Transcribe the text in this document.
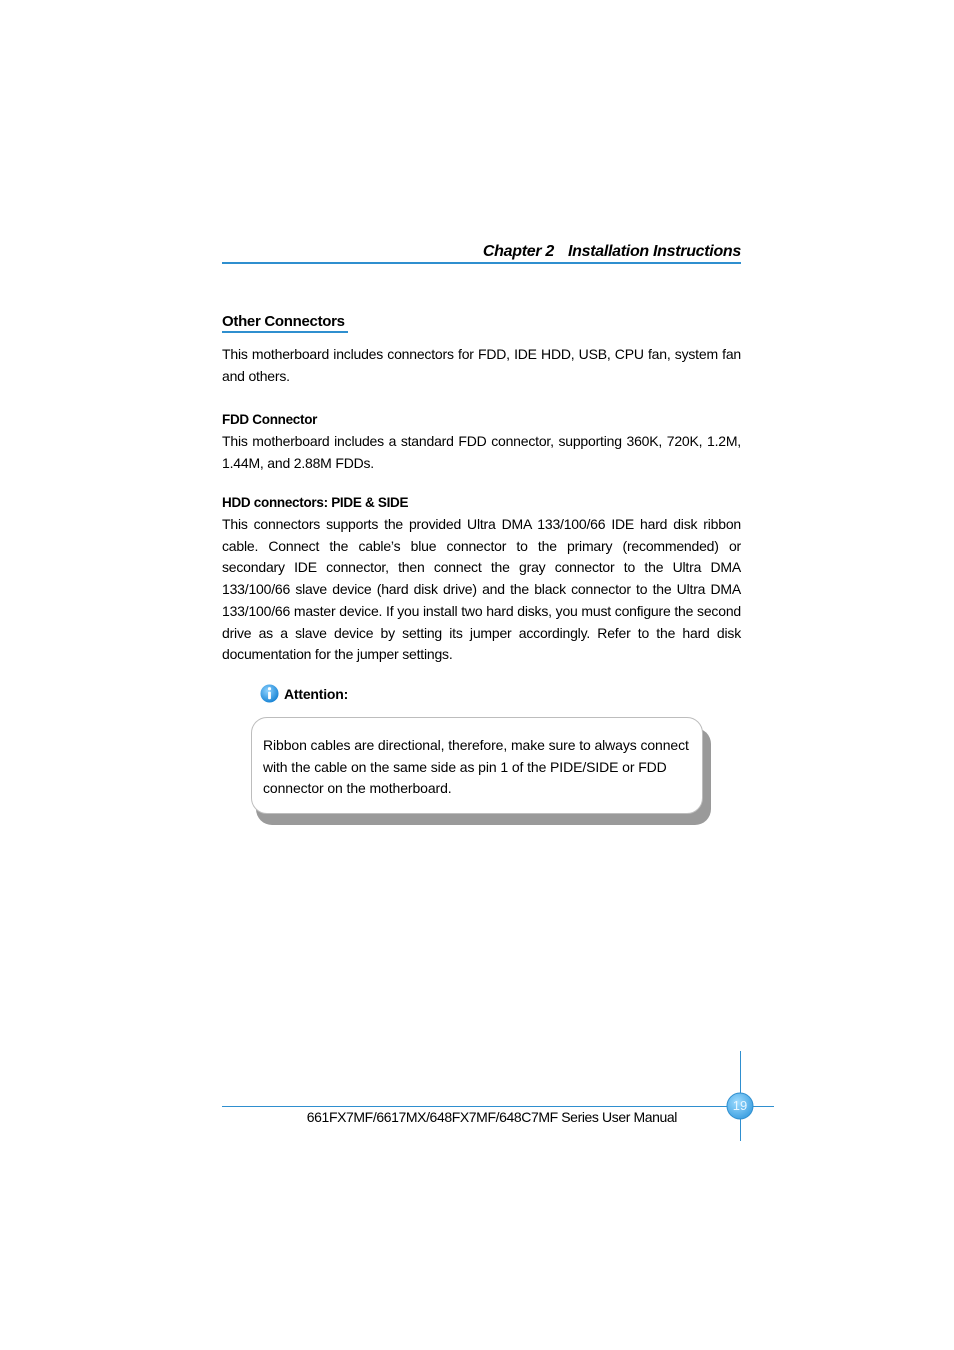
Chapter 2 Installation Instructions
Other Connectors

This motherboard includes connectors for FDD, IDE HDD, USB, CPU fan, system fan and others.

FDD Connector

This motherboard includes a standard FDD connector, supporting 360K, 720K, 1.2M, 1.44M, and 2.88M FDDs.

HDD connectors: PIDE & SIDE

This connectors supports the provided Ultra DMA 133/100/66 IDE hard disk ribbon cable. Connect the cable’s blue connector to the primary (recommended) or secondary IDE connector, then connect the gray connector to the Ultra DMA 133/100/66 slave device (hard disk drive) and the black connector to the Ultra DMA 133/100/66 master device. If you install two hard disks, you must configure the second drive as a slave device by setting its jumper accordingly. Refer to the hard disk documentation for the jumper settings.

Attention:

Ribbon cables are directional, therefore, make sure to always connect with the cable on the same side as pin 1 of the PIDE/SIDE or FDD connector on the motherboard.

19
661FX7MF/6617MX/648FX7MF/648C7MF Series User Manual
